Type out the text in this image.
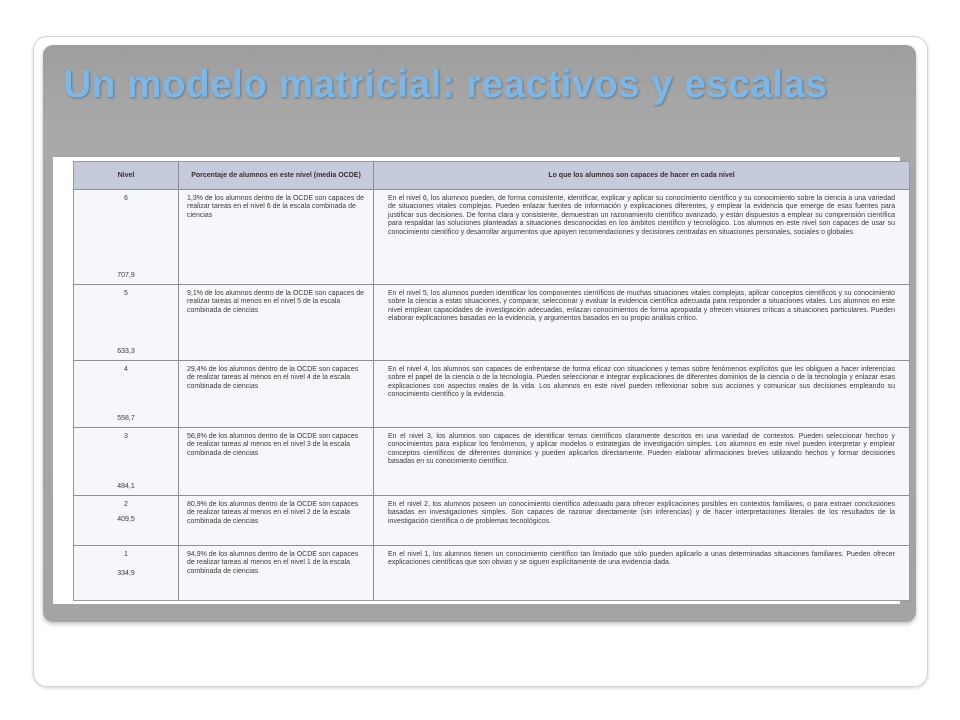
Un modelo matricial: reactivos y escalas
Nivel	Porcentaje de alumnos en este nivel (media OCDE)	Lo que los alumnos son capaces de hacer en cada nivel
6
707,9
1,3% de los alumnos dentro de la OCDE son capaces de realizar tareas en el nivel 6 de la escala combinada de ciencias
En el nivel 6, los alumnos pueden, de forma consistente, identificar, explicar y aplicar su conocimiento científico y su conocimiento sobre la ciencia a una variedad de situaciones vitales complejas. Pueden enlazar fuentes de información y explicaciones diferentes, y emplear la evidencia que emerge de esas fuentes para justificar sus decisiones. De forma clara y consistente, demuestran un razonamiento científico avanzado, y están dispuestos a emplear su comprensión científica para respaldar las soluciones planteadas a situaciones desconocidas en los ámbitos científico y tecnológico. Los alumnos en este nivel son capaces de usar su conocimiento científico y desarrollar argumentos que apoyen recomendaciones y decisiones centradas en situaciones personales, sociales o globales.
5
633,3
9,1% de los alumnos dentro de la OCDE son capaces de realizar tareas al menos en el nivel 5 de la escala combinada de ciencias
En el nivel 5, los alumnos pueden identificar los componentes científicos de muchas situaciones vitales complejas, aplicar conceptos científicos y su conocimiento sobre la ciencia a estas situaciones, y comparar, seleccionar y evaluar la evidencia científica adecuada para responder a situaciones vitales. Los alumnos en este nivel emplean capacidades de investigación adecuadas, enlazan conocimientos de forma apropiada y ofrecen visiones críticas a situaciones particulares. Pueden elaborar explicaciones basadas en la evidencia, y argumentos basados en su propio análisis crítico.
4
558,7
29,4% de los alumnos dentro de la OCDE son capaces de realizar tareas al menos en el nivel 4 de la escala combinada de ciencias
En el nivel 4, los alumnos son capaces de enfrentarse de forma eficaz con situaciones y temas sobre fenómenos explícitos que les obliguen a hacer inferencias sobre el papel de la ciencia o de la tecnología. Pueden seleccionar e integrar explicaciones de diferentes dominios de la ciencia o de la tecnología y enlazar esas explicaciones con aspectos reales de la vida. Los alumnos en este nivel pueden reflexionar sobre sus acciones y comunicar sus decisiones empleando su conocimiento científico y la evidencia.
3
484,1
56,8% de los alumnos dentro de la OCDE son capaces de realizar tareas al menos en el nivel 3 de la escala combinada de ciencias
En el nivel 3, los alumnos son capaces de identificar temas científicos claramente descritos en una variedad de contextos. Pueden seleccionar hechos y conocimientos para explicar los fenómenos, y aplicar modelos o estrategias de investigación simples. Los alumnos en este nivel pueden interpretar y emplear conceptos científicos de diferentes dominios y pueden aplicarlos directamente. Pueden elaborar afirmaciones breves utilizando hechos y formar decisiones basadas en su conocimiento científico.
2
409,5
80,9% de los alumnos dentro de la OCDE son capaces de realizar tareas al menos en el nivel 2 de la escala combinada de ciencias
En el nivel 2, los alumnos poseen un conocimiento científico adecuado para ofrecer explicaciones posibles en contextos familiares, o para extraer conclusiones basadas en investigaciones simples. Son capaces de razonar directamente (sin inferencias) y de hacer interpretaciones literales de los resultados de la investigación científica o de problemas tecnológicos.
1
334,9
94,9% de los alumnos dentro de la OCDE son capaces de realizar tareas al menos en el nivel 1 de la escala combinada de ciencias
En el nivel 1, los alumnos tienen un conocimiento científico tan limitado que sólo pueden aplicarlo a unas determinadas situaciones familiares. Pueden ofrecer explicaciones científicas que son obvias y se siguen explícitamente de una evidencia dada.
